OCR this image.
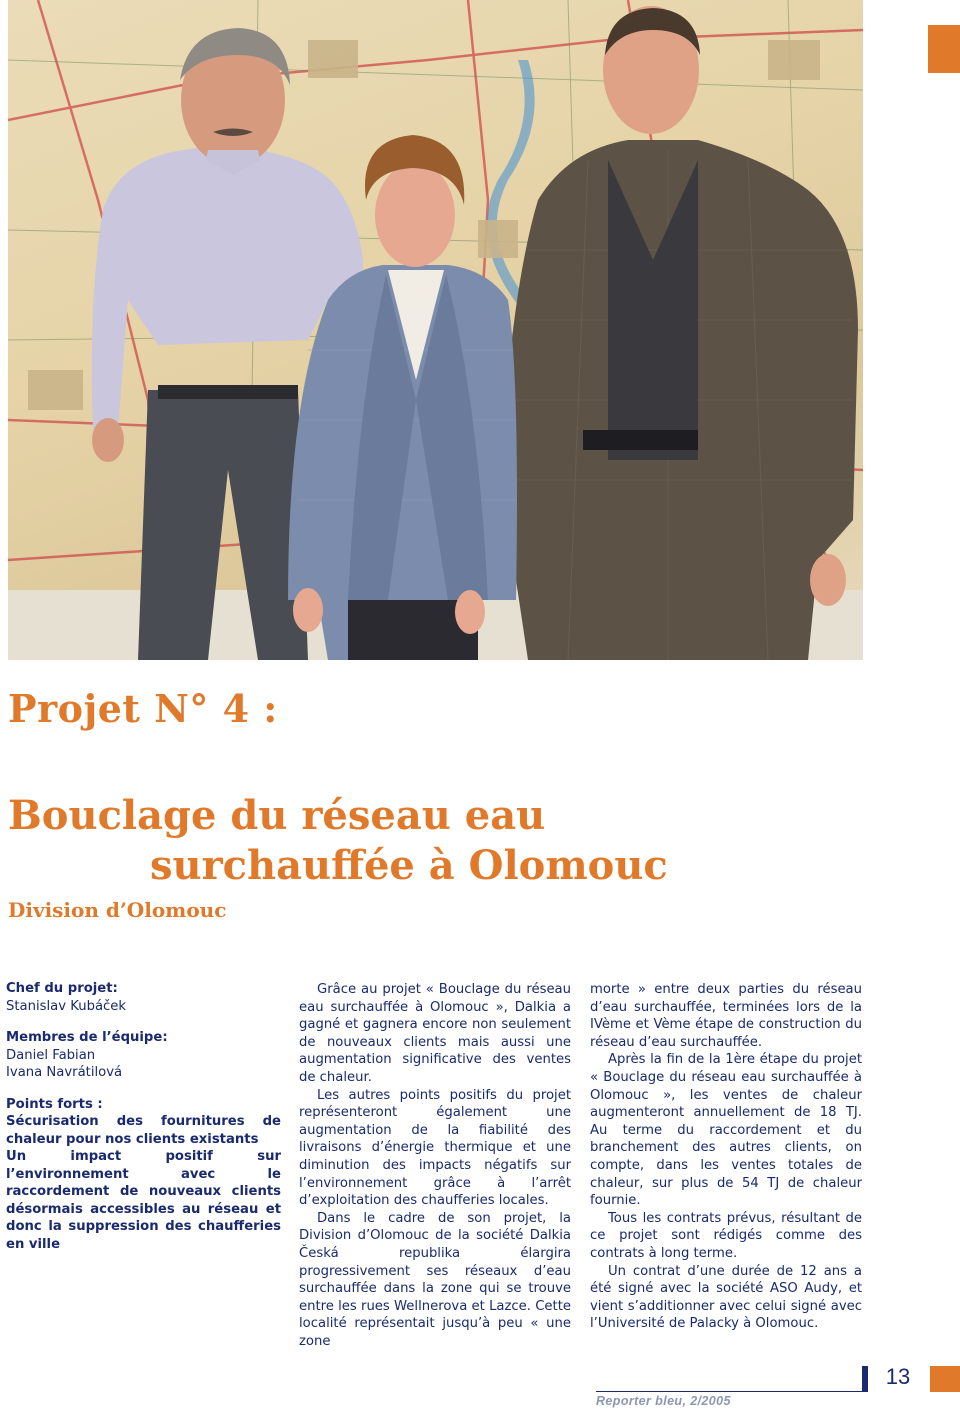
Projet N° 4 :
Bouclage du réseau eau
surchauffée à Olomouc
Division d’Olomouc
Chef du projet:
Stanislav Kubáček
Membres de l’équipe:
Daniel Fabian
Ivana Navrátilová
Points forts :
Sécurisation des fournitures de chaleur pour nos clients existants
Un impact positif sur l’environnement avec le raccordement de nouveaux clients désormais accessibles au réseau et donc la suppression des chaufferies en ville

Grâce au projet « Bouclage du réseau eau surchauffée à Olomouc », Dalkia a gagné et gagnera encore non seulement de nouveaux clients mais aussi une augmentation significative des ventes de chaleur.

Les autres points positifs du projet représenteront également une augmentation de la fiabilité des livraisons d’énergie thermique et une diminution des impacts négatifs sur l’environnement grâce à l’arrêt d’exploitation des chaufferies locales.

Dans le cadre de son projet, la Division d’Olomouc de la société Dalkia Česká republika élargira progressivement ses réseaux d’eau surchauffée dans la zone qui se trouve entre les rues Wellnerova et Lazce. Cette localité représentait jusqu’à peu « une zone

morte » entre deux parties du réseau d’eau surchauffée, terminées lors de la IVème et Vème étape de construction du réseau d’eau surchauffée.

Après la fin de la 1ère étape du projet « Bouclage du réseau eau surchauffée à Olomouc », les ventes de chaleur augmenteront annuellement de 18 TJ. Au terme du raccordement et du branchement des autres clients, on compte, dans les ventes totales de chaleur, sur plus de 54 TJ de chaleur fournie.

Tous les contrats prévus, résultant de ce projet sont rédigés comme des contrats à long terme.

Un contrat d’une durée de 12 ans a été signé avec la société ASO Audy, et vient s’additionner avec celui signé avec l’Université de Palacky à Olomouc.

13
Reporter bleu, 2/2005
